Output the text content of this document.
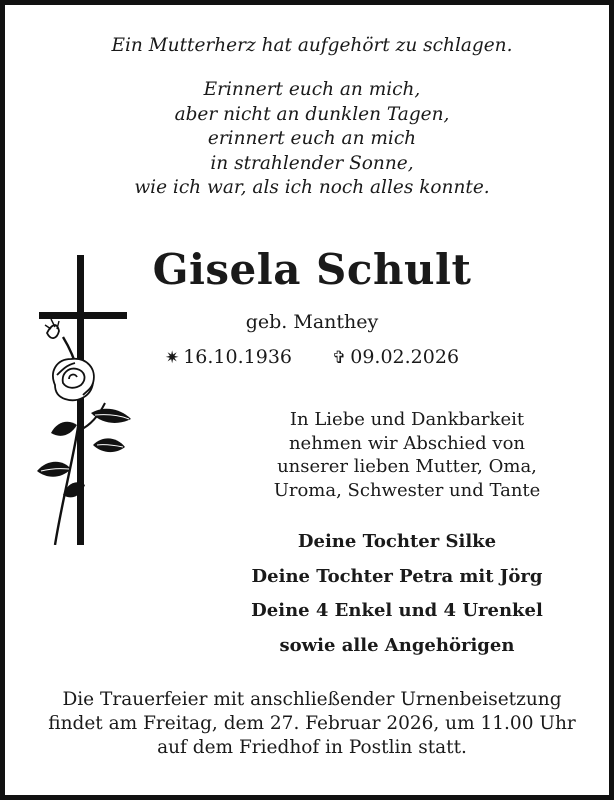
Ein Mutterherz hat aufgehört zu schlagen.
Erinnert euch an mich,
aber nicht an dunklen Tagen,
erinnert euch an mich
in strahlender Sonne,
wie ich war, als ich noch alles konnte.
Gisela Schult
geb. Manthey
✷ 16.10.1936 ✞ 09.02.2026
In Liebe und Dankbarkeit
nehmen wir Abschied von
unserer lieben Mutter, Oma,
Uroma, Schwester und Tante
Deine Tochter Silke
Deine Tochter Petra mit Jörg
Deine 4 Enkel und 4 Urenkel
sowie alle Angehörigen
Die Trauerfeier mit anschließender Urnenbeisetzung
findet am Freitag, dem 27. Februar 2026, um 11.00 Uhr
auf dem Friedhof in Postlin statt.
